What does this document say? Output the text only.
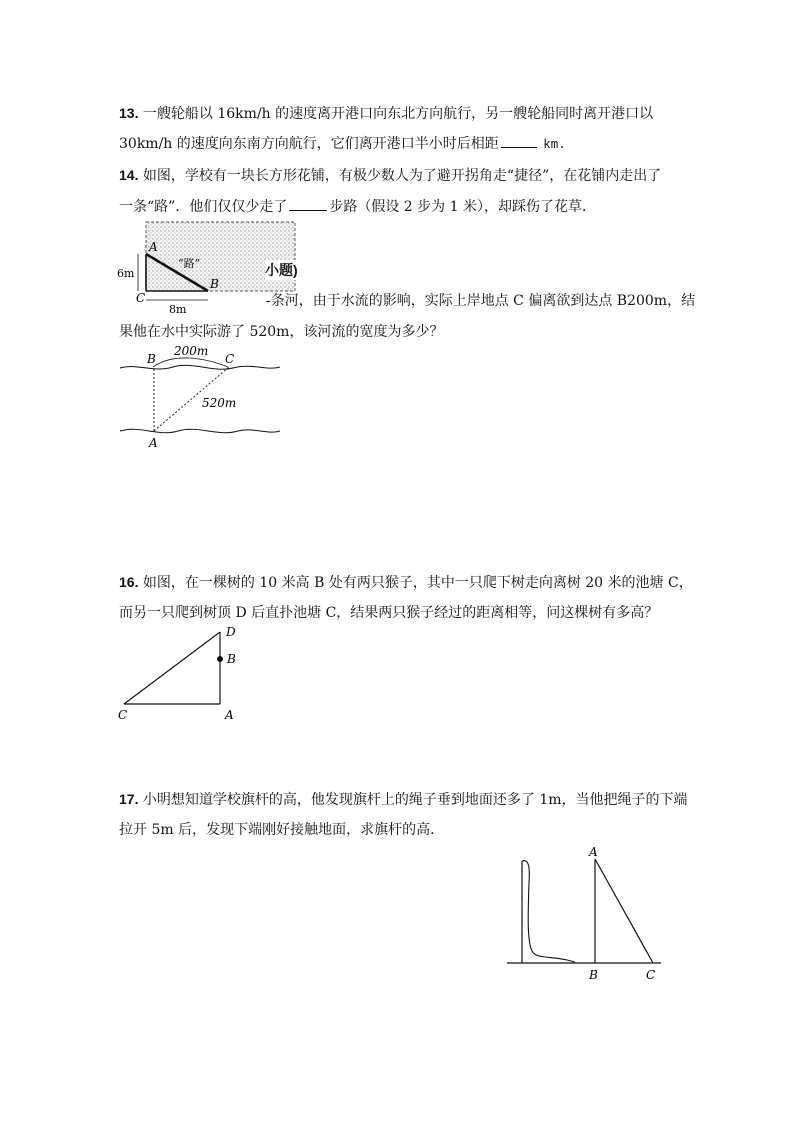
13. 一艘轮船以 16km/h 的速度离开港口向东北方向航行，另一艘轮船同时离开港口以
30km/h 的速度向东南方向航行，它们离开港口半小时后相距	km.
14. 如图，学校有一块长方形花铺，有极少数人为了避开拐角走“捷径”，在花铺内走出了
一条“路”．他们仅仅少走了	步路（假设 2 步为 1 米），却踩伤了花草．
A
B
C
6m
8m
“路”	小题)
-条河，由于水流的影响，实际上岸地点 C 偏离欲到达点 B200m，结
果他在水中实际游了 520m，该河流的宽度为多少？
B	C
A
200m
520m
16. 如图，在一棵树的 10 米高 B 处有两只猴子，其中一只爬下树走向离树 20 米的池塘 C，
而另一只爬到树顶 D 后直扑池塘 C，结果两只猴子经过的距离相等，问这棵树有多高？
D
B
C	A
17. 小明想知道学校旗杆的高，他发现旗杆上的绳子垂到地面还多了 1m，当他把绳子的下端
拉开 5m 后，发现下端刚好接触地面，求旗杆的高．
A
B	C
